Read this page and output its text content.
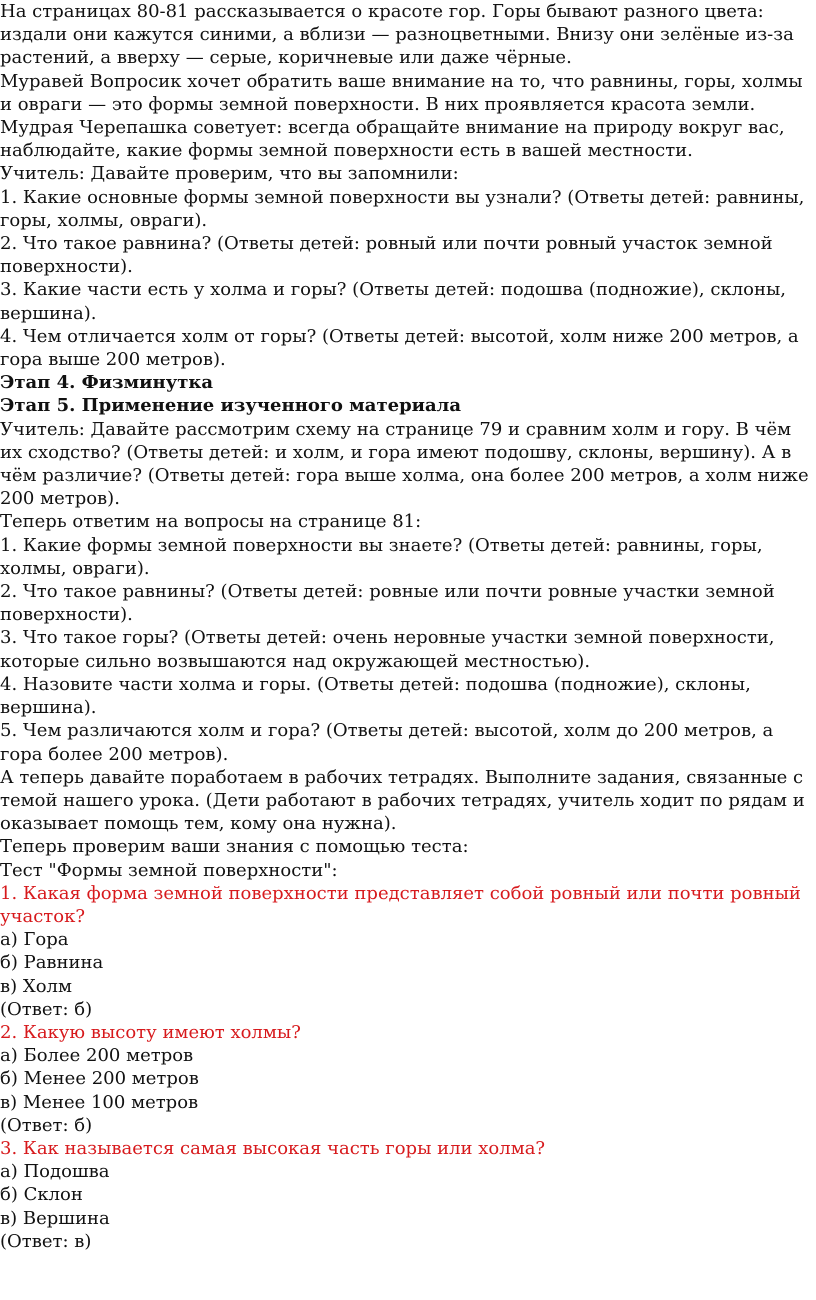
На страницах 80-81 рассказывается о красоте гор. Горы бывают разного цвета: издали они кажутся синими, а вблизи — разноцветными. Внизу они зелёные из-за растений, а вверху — серые, коричневые или даже чёрные.

Муравей Вопросик хочет обратить ваше внимание на то, что равнины, горы, холмы и овраги — это формы земной поверхности. В них проявляется красота земли.

Мудрая Черепашка советует: всегда обращайте внимание на природу вокруг вас, наблюдайте, какие формы земной поверхности есть в вашей местности.

Учитель: Давайте проверим, что вы запомнили:

1. Какие основные формы земной поверхности вы узнали? (Ответы детей: равнины, горы, холмы, овраги).

2. Что такое равнина? (Ответы детей: ровный или почти ровный участок земной поверхности).

3. Какие части есть у холма и горы? (Ответы детей: подошва (подножие), склоны, вершина).

4. Чем отличается холм от горы? (Ответы детей: высотой, холм ниже 200 метров, а гора выше 200 метров).

Этап 4. Физминутка

Этап 5. Применение изученного материала

Учитель: Давайте рассмотрим схему на странице 79 и сравним холм и гору. В чём их сходство? (Ответы детей: и холм, и гора имеют подошву, склоны, вершину). А в чём различие? (Ответы детей: гора выше холма, она более 200 метров, а холм ниже 200 метров).

Теперь ответим на вопросы на странице 81:

1. Какие формы земной поверхности вы знаете? (Ответы детей: равнины, горы, холмы, овраги).

2. Что такое равнины? (Ответы детей: ровные или почти ровные участки земной поверхности).

3. Что такое горы? (Ответы детей: очень неровные участки земной поверхности, которые сильно возвышаются над окружающей местностью).

4. Назовите части холма и горы. (Ответы детей: подошва (подножие), склоны, вершина).

5. Чем различаются холм и гора? (Ответы детей: высотой, холм до 200 метров, а гора более 200 метров).

А теперь давайте поработаем в рабочих тетрадях. Выполните задания, связанные с темой нашего урока. (Дети работают в рабочих тетрадях, учитель ходит по рядам и оказывает помощь тем, кому она нужна).

Теперь проверим ваши знания с помощью теста:

Тест "Формы земной поверхности":

1. Какая форма земной поверхности представляет собой ровный или почти ровный участок?

а) Гора

б) Равнина

в) Холм

(Ответ: б)

2. Какую высоту имеют холмы?

а) Более 200 метров

б) Менее 200 метров

в) Менее 100 метров

(Ответ: б)

3. Как называется самая высокая часть горы или холма?

а) Подошва

б) Склон

в) Вершина

(Ответ: в)
